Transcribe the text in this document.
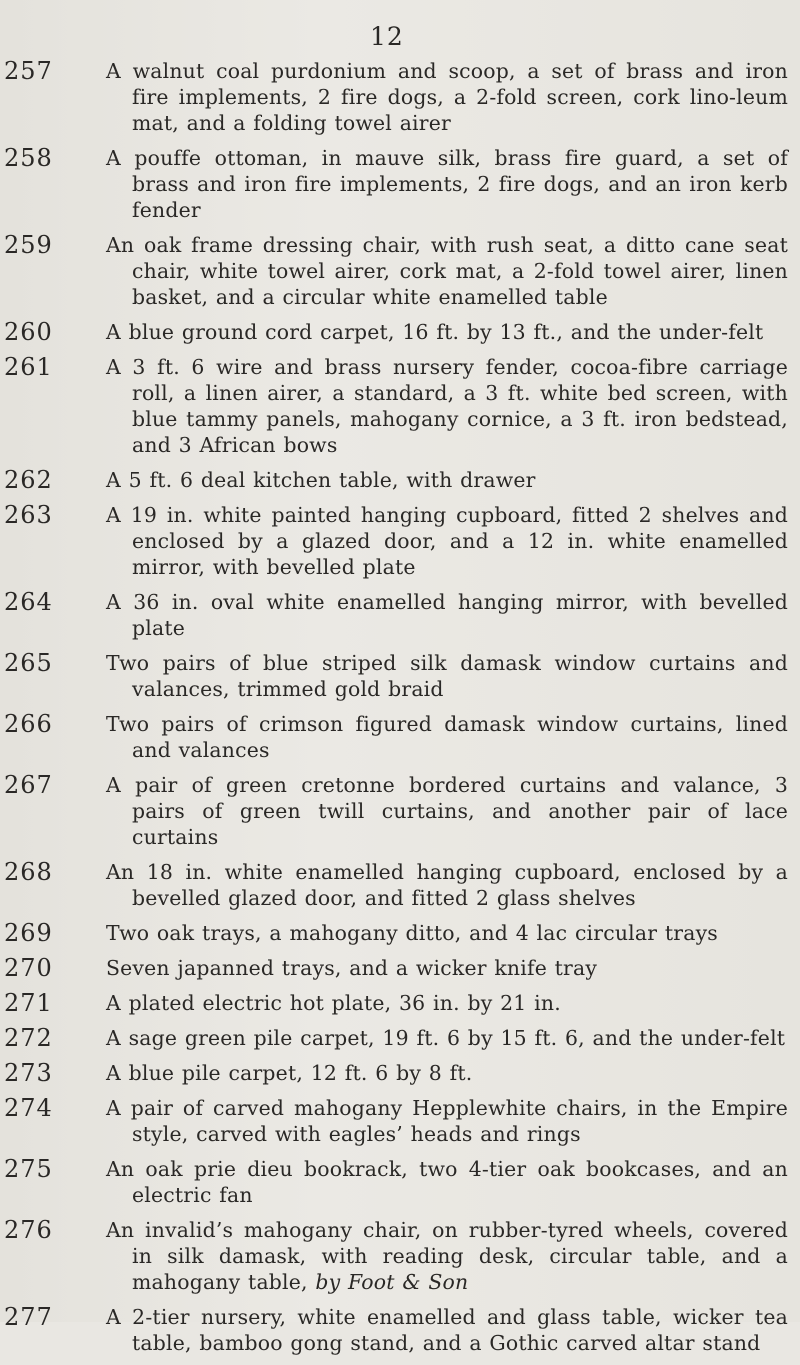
12
257	A walnut coal purdonium and scoop, a set of brass and iron fire implements, 2 fire dogs, a 2-fold screen, cork lino-leum mat, and a folding towel airer
258	A pouffe ottoman, in mauve silk, brass fire guard, a set of brass and iron fire implements, 2 fire dogs, and an iron kerb fender
259	An oak frame dressing chair, with rush seat, a ditto cane seat chair, white towel airer, cork mat, a 2-fold towel airer, linen basket, and a circular white enamelled table
260	A blue ground cord carpet, 16 ft. by 13 ft., and the under-felt
261	A 3 ft. 6 wire and brass nursery fender, cocoa-fibre carriage roll, a linen airer, a standard, a 3 ft. white bed screen, with blue tammy panels, mahogany cornice, a 3 ft. iron bedstead, and 3 African bows
262	A 5 ft. 6 deal kitchen table, with drawer
263	A 19 in. white painted hanging cupboard, fitted 2 shelves and enclosed by a glazed door, and a 12 in. white enamelled mirror, with bevelled plate
264	A 36 in. oval white enamelled hanging mirror, with bevelled plate
265	Two pairs of blue striped silk damask window curtains and valances, trimmed gold braid
266	Two pairs of crimson figured damask window curtains, lined and valances
267	A pair of green cretonne bordered curtains and valance, 3 pairs of green twill curtains, and another pair of lace curtains
268	An 18 in. white enamelled hanging cupboard, enclosed by a bevelled glazed door, and fitted 2 glass shelves
269	Two oak trays, a mahogany ditto, and 4 lac circular trays
270	Seven japanned trays, and a wicker knife tray
271	A plated electric hot plate, 36 in. by 21 in.
272	A sage green pile carpet, 19 ft. 6 by 15 ft. 6, and the under-felt
273	A blue pile carpet, 12 ft. 6 by 8 ft.
274	A pair of carved mahogany Hepplewhite chairs, in the Empire style, carved with eagles’ heads and rings
275	An oak prie dieu bookrack, two 4-tier oak bookcases, and an electric fan
276	An invalid’s mahogany chair, on rubber-tyred wheels, covered in silk damask, with reading desk, circular table, and a mahogany table, by Foot & Son
277	A 2-tier nursery, white enamelled and glass table, wicker tea table, bamboo gong stand, and a Gothic carved altar stand
